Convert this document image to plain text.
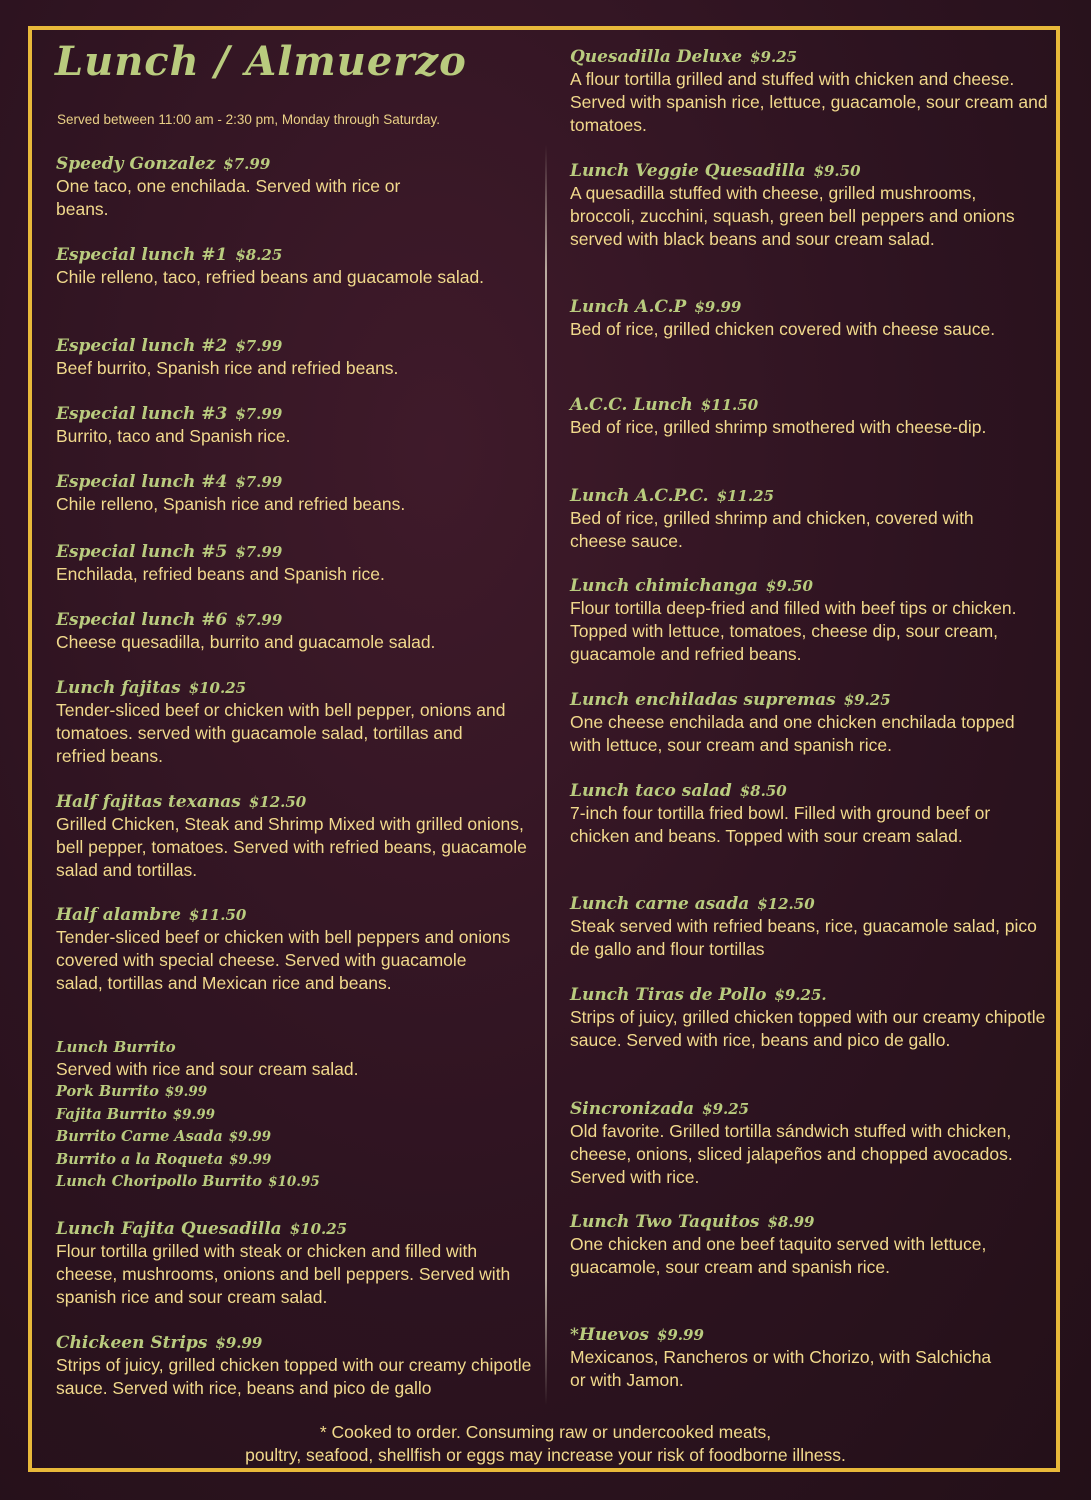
Lunch / Almuerzo

Served between 11:00 am - 2:30 pm, Monday through Saturday.

Speedy Gonzalez $7.99

One taco, one enchilada. Served with rice or beans.

Especial lunch #1 $8.25

Chile relleno, taco, refried beans and guacamole salad.

Especial lunch #2 $7.99

Beef burrito, Spanish rice and refried beans.

Especial lunch #3 $7.99

Burrito, taco and Spanish rice.

Especial lunch #4 $7.99

Chile relleno, Spanish rice and refried beans.

Especial lunch #5 $7.99

Enchilada, refried beans and Spanish rice.

Especial lunch #6 $7.99

Cheese quesadilla, burrito and guacamole salad.

Lunch fajitas $10.25

Tender-sliced beef or chicken with bell pepper, onions and tomatoes. served with guacamole salad, tortillas and refried beans.

Half fajitas texanas $12.50

Grilled Chicken, Steak and Shrimp Mixed with grilled onions, bell pepper, tomatoes. Served with refried beans, guacamole salad and tortillas.

Half alambre $11.50

Tender-sliced beef or chicken with bell peppers and onions covered with special cheese. Served with guacamole salad, tortillas and Mexican rice and beans.

Lunch Burrito

Served with rice and sour cream salad.

Pork Burrito $9.99
Fajita Burrito $9.99
Burrito Carne Asada $9.99
Burrito a la Roqueta $9.99
Lunch Choripollo Burrito $10.95
Lunch Fajita Quesadilla $10.25

Flour tortilla grilled with steak or chicken and filled with cheese, mushrooms, onions and bell peppers. Served with spanish rice and sour cream salad.

Chickeen Strips $9.99

Strips of juicy, grilled chicken topped with our creamy chipotle sauce. Served with rice, beans and pico de gallo

Quesadilla Deluxe $9.25

A flour tortilla grilled and stuffed with chicken and cheese. Served with spanish rice, lettuce, guacamole, sour cream and tomatoes.

Lunch Veggie Quesadilla $9.50

A quesadilla stuffed with cheese, grilled mushrooms, broccoli, zucchini, squash, green bell peppers and onions served with black beans and sour cream salad.

Lunch A.C.P $9.99

Bed of rice, grilled chicken covered with cheese sauce.

A.C.C. Lunch $11.50

Bed of rice, grilled shrimp smothered with cheese-dip.

Lunch A.C.P.C. $11.25

Bed of rice, grilled shrimp and chicken, covered with cheese sauce.

Lunch chimichanga $9.50

Flour tortilla deep-fried and filled with beef tips or chicken. Topped with lettuce, tomatoes, cheese dip, sour cream, guacamole and refried beans.

Lunch enchiladas supremas $9.25

One cheese enchilada and one chicken enchilada topped with lettuce, sour cream and spanish rice.

Lunch taco salad $8.50

7-inch four tortilla fried bowl. Filled with ground beef or chicken and beans. Topped with sour cream salad.

Lunch carne asada $12.50

Steak served with refried beans, rice, guacamole salad, pico de gallo and flour tortillas

Lunch Tiras de Pollo $9.25.

Strips of juicy, grilled chicken topped with our creamy chipotle sauce. Served with rice, beans and pico de gallo.

Sincronizada $9.25

Old favorite. Grilled tortilla sándwich stuffed with chicken, cheese, onions, sliced jalapeños and chopped avocados. Served with rice.

Lunch Two Taquitos $8.99

One chicken and one beef taquito served with lettuce, guacamole, sour cream and spanish rice.

*Huevos $9.99

Mexicanos, Rancheros or with Chorizo, with Salchicha or with Jamon.

* Cooked to order. Consuming raw or undercooked meats,
poultry, seafood, shellfish or eggs may increase your risk of foodborne illness.
